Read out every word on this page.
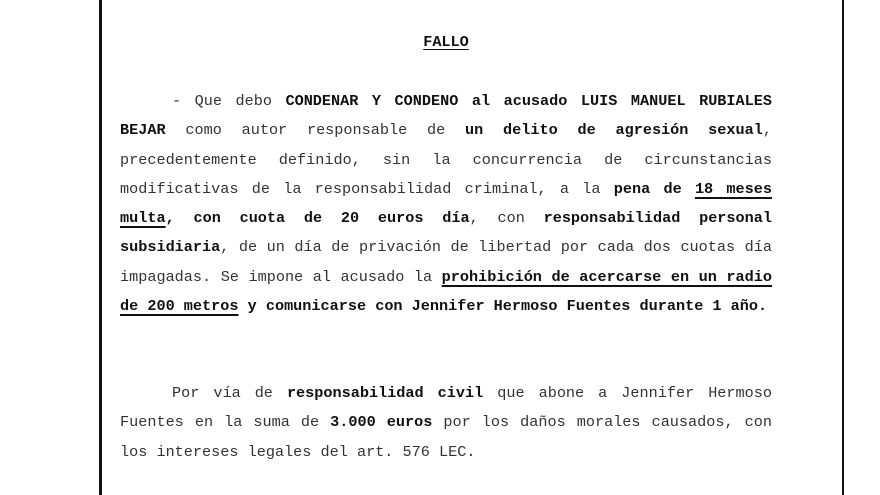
FALLO

- Que debo CONDENAR Y CONDENO al acusado LUIS MANUEL RUBIALES BEJAR como autor responsable de un delito de agresión sexual, precedentemente definido, sin la concurrencia de circunstancias modificativas de la responsabilidad criminal, a la pena de 18 meses multa, con cuota de 20 euros día, con responsabilidad personal subsidiaria, de un día de privación de libertad por cada dos cuotas día impagadas. Se impone al acusado la prohibición de acercarse en un radio de 200 metros y comunicarse con Jennifer Hermoso Fuentes durante 1 año.

Por vía de responsabilidad civil que abone a Jennifer Hermoso Fuentes en la suma de 3.000 euros por los daños morales causados, con los intereses legales del art. 576 LEC.
